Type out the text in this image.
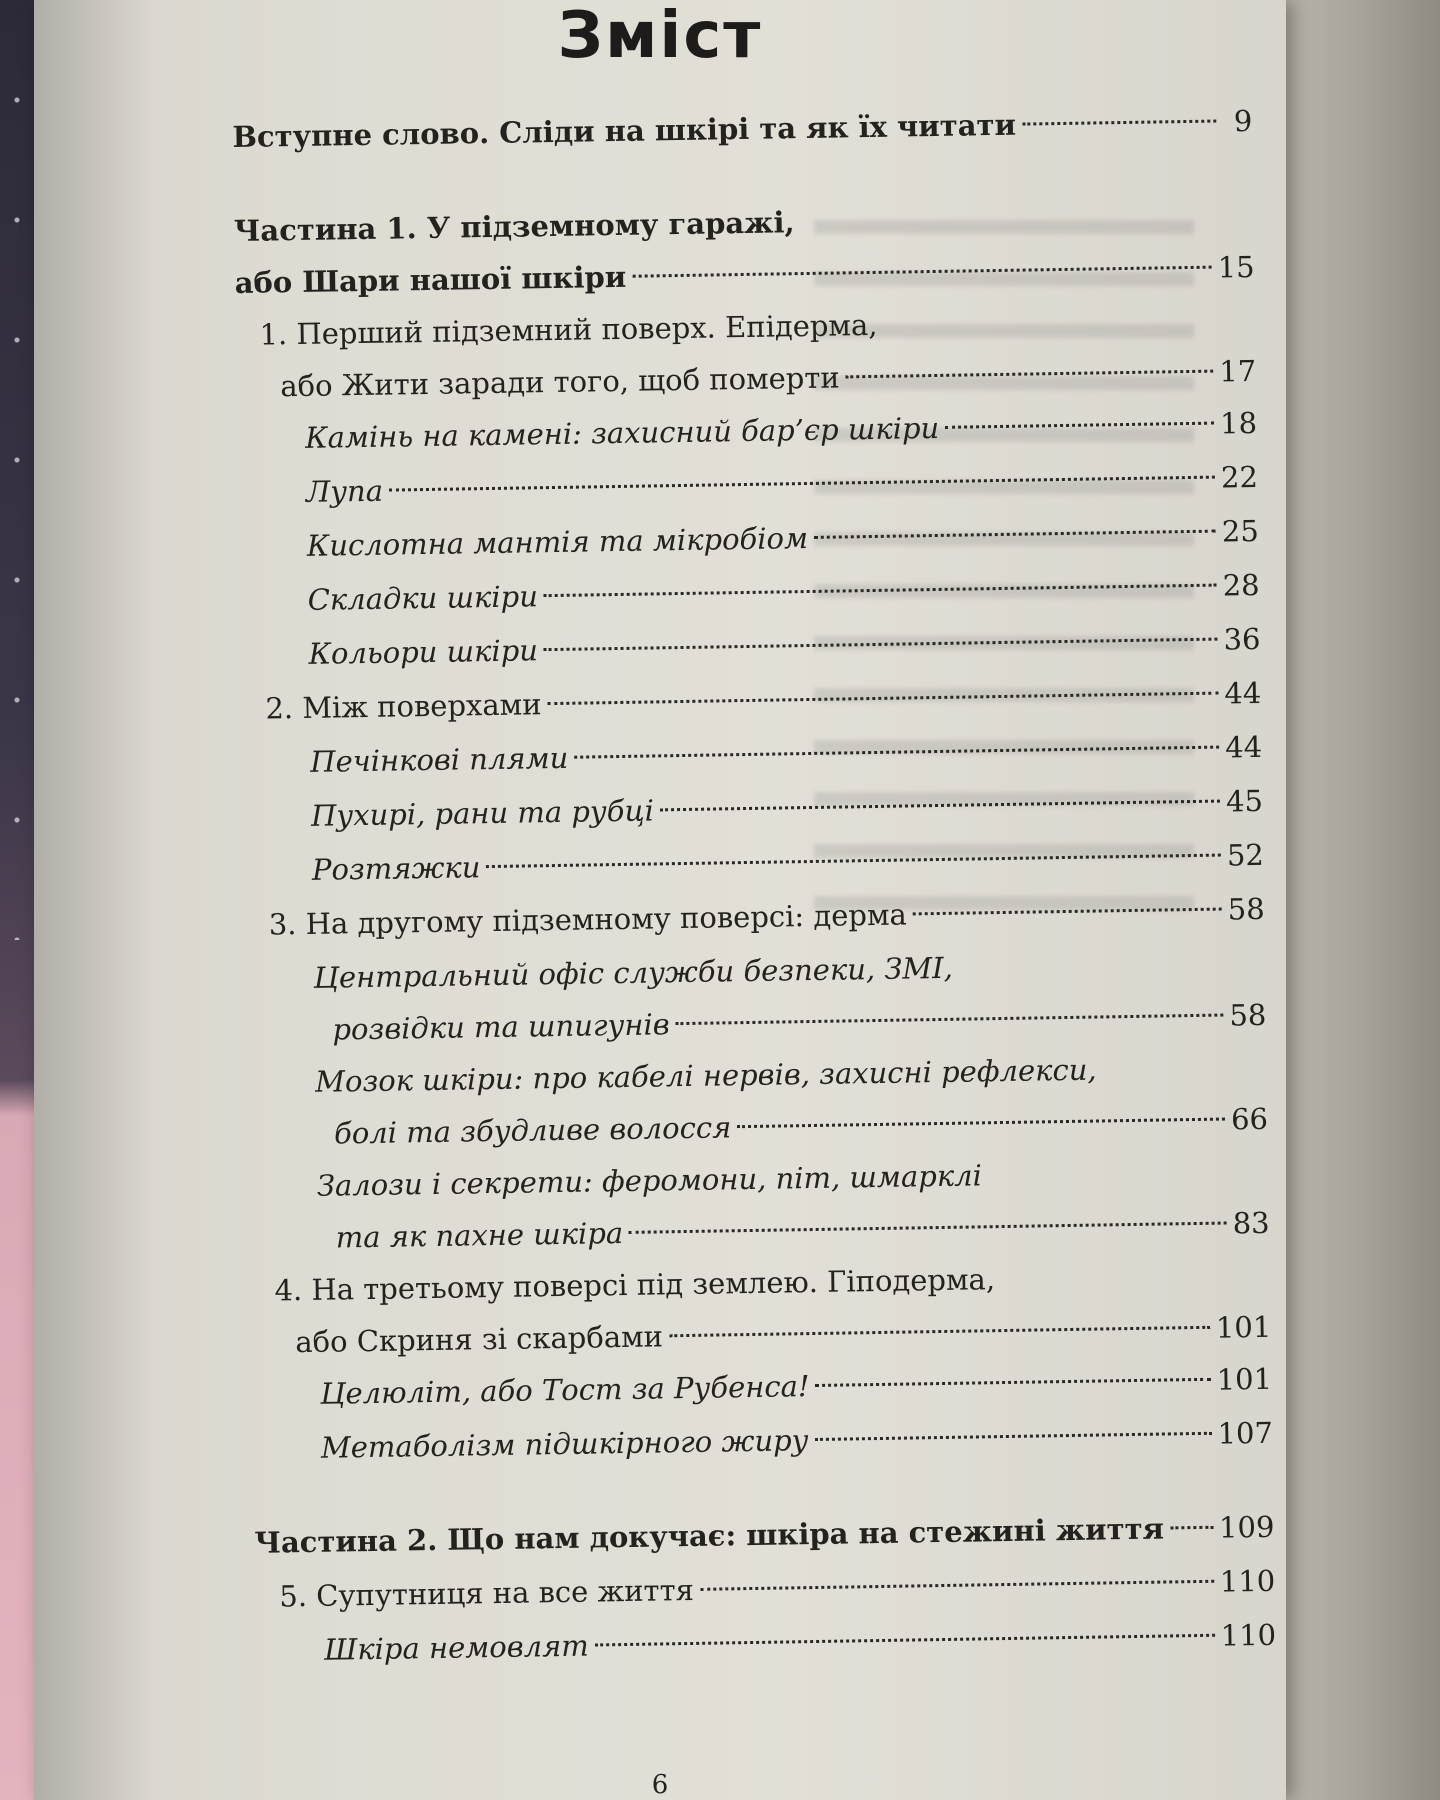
Зміст
Вступне слово. Сліди на шкірі та як їх читати	9
Частина 1. У підземному гаражі,
або Шари нашої шкіри	15
1. Перший підземний поверх. Епідерма,
або Жити заради того, щоб померти	17
Камінь на камені: захисний бар’єр шкіри	18
Лупа	22
Кислотна мантія та мікробіом	25
Складки шкіри	28
Кольори шкіри	36
2. Між поверхами	44
Печінкові плями	44
Пухирі, рани та рубці	45
Розтяжки	52
3. На другому підземному поверсі: дерма	58
Центральний офіс служби безпеки, ЗМІ,
розвідки та шпигунів	58
Мозок шкіри: про кабелі нервів, захисні рефлекси,
болі та збудливе волосся	66
Залози і секрети: феромони, піт, шмарклі
та як пахне шкіра	83
4. На третьому поверсі під землею. Гіподерма,
або Скриня зі скарбами	101
Целюліт, або Тост за Рубенса!	101
Метаболізм підшкірного жиру	107
Частина 2. Що нам докучає: шкіра на стежині життя 109
5. Супутниця на все життя	110
Шкіра немовлят	110
6
